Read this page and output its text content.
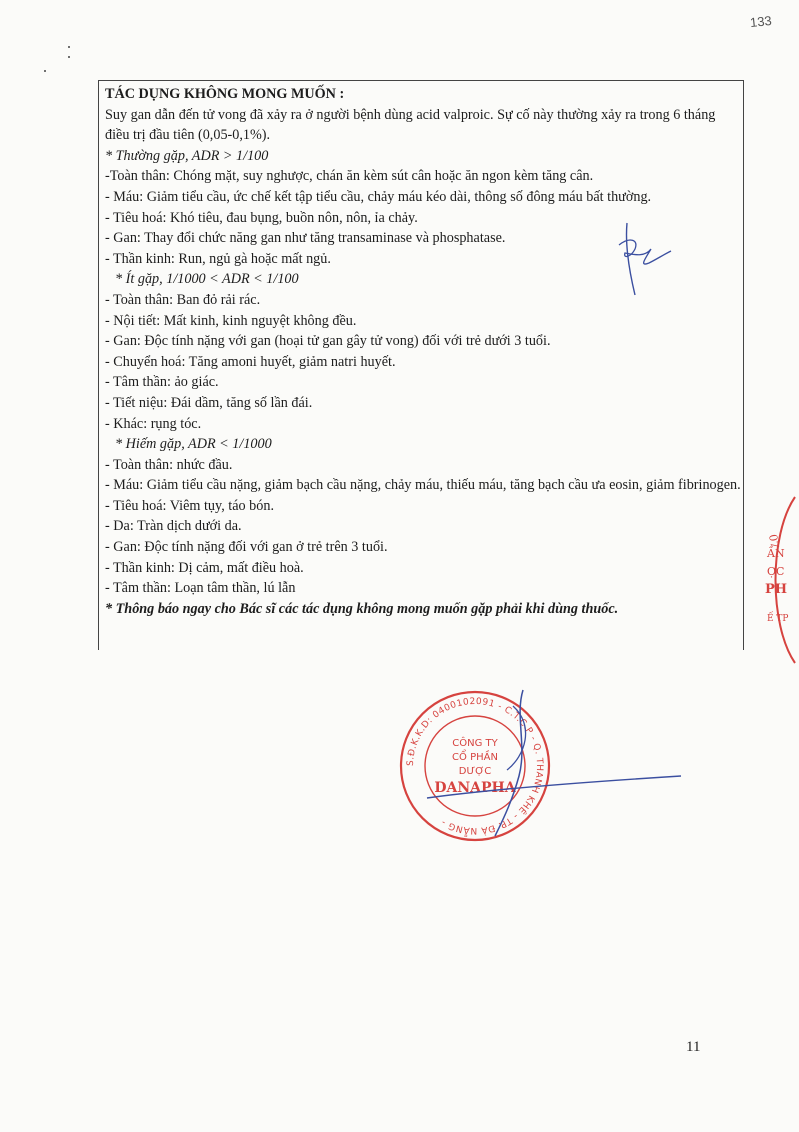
133
TÁC DỤNG KHÔNG MONG MUỐN :
Suy gan dẫn đến tử vong đã xảy ra ở người bệnh dùng acid valproic. Sự cố này thường xảy ra trong 6 tháng điều trị đầu tiên (0,05-0,1%).
* Thường gặp, ADR > 1/100
-Toàn thân: Chóng mặt, suy nghược, chán ăn kèm sút cân hoặc ăn ngon kèm tăng cân.
- Máu: Giảm tiểu cầu, ức chế kết tập tiểu cầu, chảy máu kéo dài, thông số đông máu bất thường.
- Tiêu hoá: Khó tiêu, đau bụng, buồn nôn, nôn, ỉa chảy.
- Gan: Thay đổi chức năng gan như tăng transaminase và phosphatase.
- Thần kinh: Run, ngủ gà hoặc mất ngủ.
* Ít gặp, 1/1000 < ADR < 1/100
- Toàn thân: Ban đỏ rải rác.
- Nội tiết: Mất kinh, kinh nguyệt không đều.
- Gan: Độc tính nặng với gan (hoại tử gan gây tử vong) đối với trẻ dưới 3 tuổi.
- Chuyển hoá: Tăng amoni huyết, giảm natri huyết.
- Tâm thần: ảo giác.
- Tiết niệu: Đái dầm, tăng số lần đái.
- Khác: rụng tóc.
* Hiếm gặp, ADR < 1/1000
- Toàn thân: nhức đầu.
- Máu: Giảm tiểu cầu nặng, giảm bạch cầu nặng, chảy máu, thiếu máu, tăng bạch cầu ưa eosin, giảm fibrinogen.
- Tiêu hoá: Viêm tụy, táo bón.
- Da: Tràn dịch dưới da.
- Gan: Độc tính nặng đối với gan ở trẻ trên 3 tuổi.
- Thần kinh: Dị cảm, mất điều hoà.
- Tâm thần: Loạn tâm thần, lú lẫn
* Thông báo ngay cho Bác sĩ các tác dụng không mong muốn gặp phải khi dùng thuốc.
S.Đ.K.K.D: 0400102091 - C.T.C.P - Q. THANH KHÊ - TP. ĐÀ NẴNG -
CÔNG TY
CỔ PHẦN
DƯỢC
DANAPHA
07
ẦN
ỢC
PH
Ế TP
11
